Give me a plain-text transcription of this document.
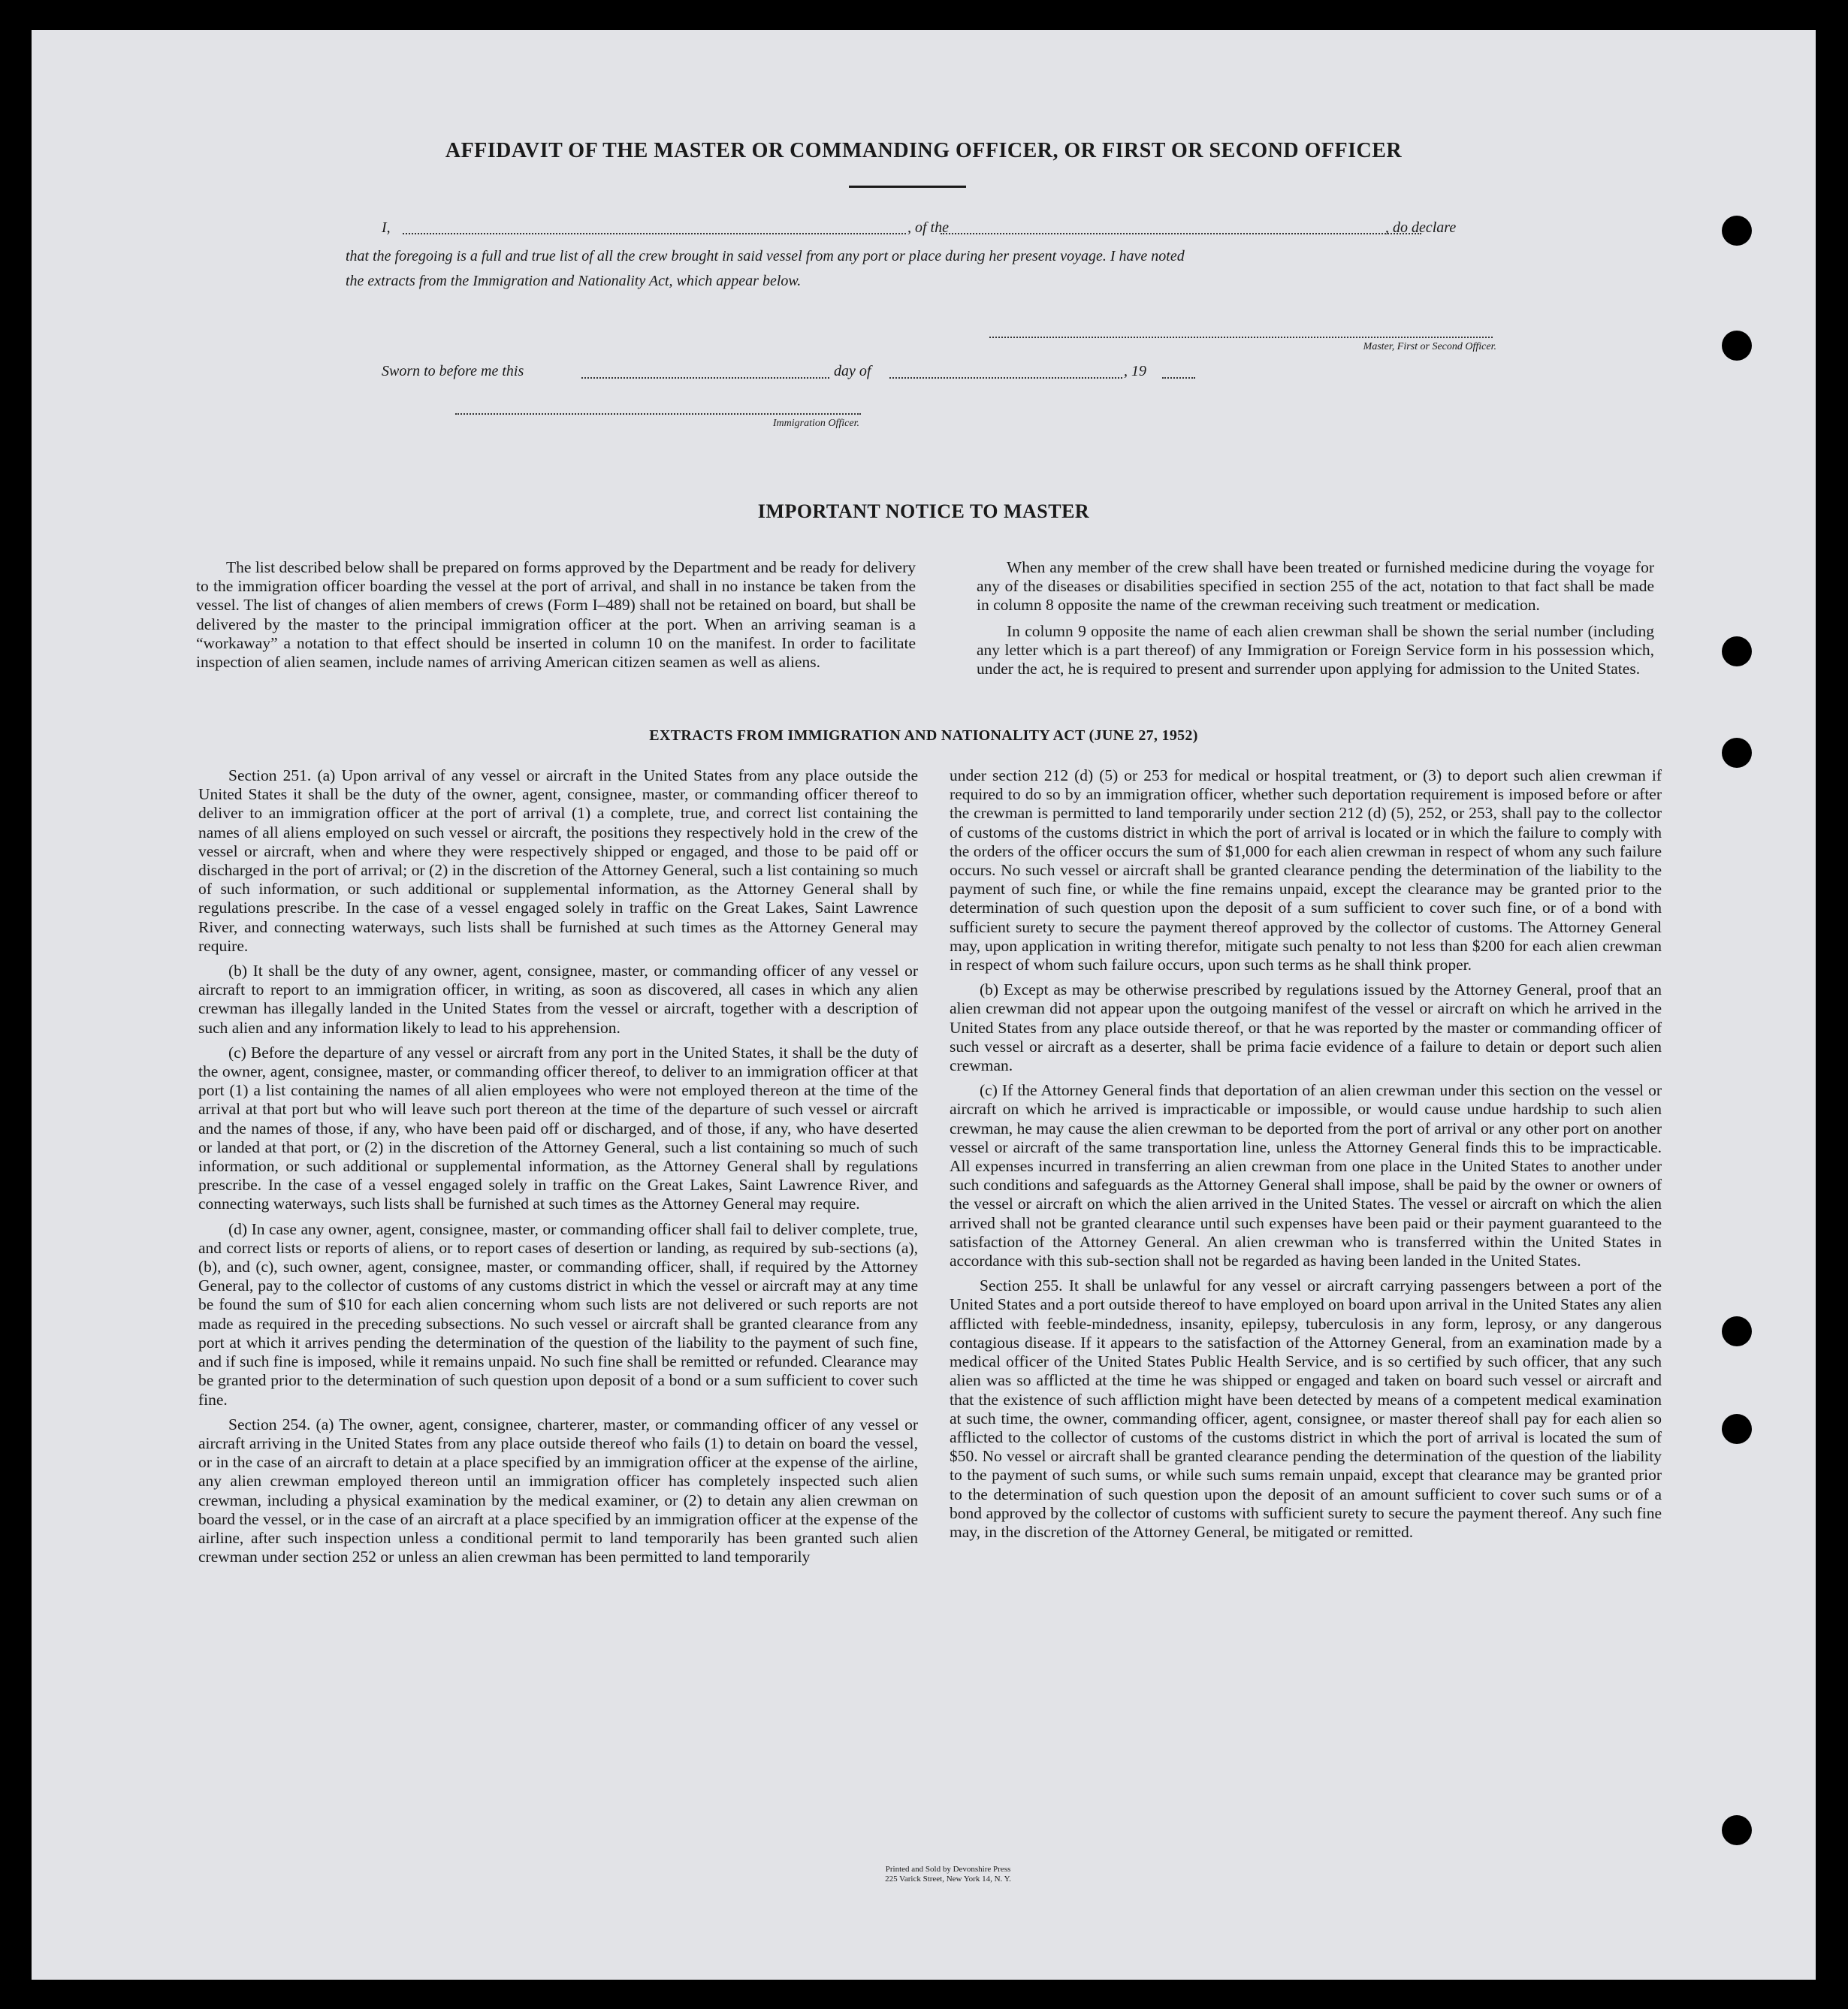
AFFIDAVIT OF THE MASTER OR COMMANDING OFFICER, OR FIRST OR SECOND OFFICER
I,	, of the	, do declare
that the foregoing is a full and true list of all the crew brought in said vessel from any port or place during her present voyage. I have noted
the extracts from the Immigration and Nationality Act, which appear below.
Master, First or Second Officer.
Sworn to before me this	day of	, 19
Immigration Officer.
IMPORTANT NOTICE TO MASTER

The list described below shall be prepared on forms approved by the Department and be ready for delivery to the immigration officer boarding the vessel at the port of arrival, and shall in no instance be taken from the vessel. The list of changes of alien members of crews (Form I–489) shall not be retained on board, but shall be delivered by the master to the principal immigration officer at the port. When an arriving seaman is a “workaway” a notation to that effect should be inserted in column 10 on the manifest. In order to facilitate inspection of alien seamen, include names of arriving American citizen seamen as well as aliens.

When any member of the crew shall have been treated or furnished medicine during the voyage for any of the diseases or disabilities specified in section 255 of the act, notation to that fact shall be made in column 8 opposite the name of the crewman receiving such treatment or medication.

In column 9 opposite the name of each alien crewman shall be shown the serial number (including any letter which is a part thereof) of any Immigration or Foreign Service form in his possession which, under the act, he is required to present and surrender upon applying for admission to the United States.

EXTRACTS FROM IMMIGRATION AND NATIONALITY ACT (JUNE 27, 1952)

Section 251. (a) Upon arrival of any vessel or aircraft in the United States from any place outside the United States it shall be the duty of the owner, agent, consignee, master, or commanding officer thereof to deliver to an immigration officer at the port of arrival (1) a complete, true, and correct list containing the names of all aliens employed on such vessel or aircraft, the positions they respectively hold in the crew of the vessel or aircraft, when and where they were respectively shipped or engaged, and those to be paid off or discharged in the port of arrival; or (2) in the discretion of the Attorney General, such a list containing so much of such information, or such additional or supplemental information, as the Attorney General shall by regulations prescribe. In the case of a vessel engaged solely in traffic on the Great Lakes, Saint Lawrence River, and connecting waterways, such lists shall be furnished at such times as the Attorney General may require.

(b) It shall be the duty of any owner, agent, consignee, master, or commanding officer of any vessel or aircraft to report to an immigration officer, in writing, as soon as discovered, all cases in which any alien crewman has illegally landed in the United States from the vessel or aircraft, together with a description of such alien and any information likely to lead to his apprehension.

(c) Before the departure of any vessel or aircraft from any port in the United States, it shall be the duty of the owner, agent, consignee, master, or commanding officer thereof, to deliver to an immigration officer at that port (1) a list containing the names of all alien employees who were not employed thereon at the time of the arrival at that port but who will leave such port thereon at the time of the departure of such vessel or aircraft and the names of those, if any, who have been paid off or discharged, and of those, if any, who have deserted or landed at that port, or (2) in the discretion of the Attorney General, such a list containing so much of such information, or such additional or supplemental information, as the Attorney General shall by regulations prescribe. In the case of a vessel engaged solely in traffic on the Great Lakes, Saint Lawrence River, and connecting waterways, such lists shall be furnished at such times as the Attorney General may require.

(d) In case any owner, agent, consignee, master, or commanding officer shall fail to deliver complete, true, and correct lists or reports of aliens, or to report cases of desertion or landing, as required by sub-sections (a), (b), and (c), such owner, agent, consignee, master, or commanding officer, shall, if required by the Attorney General, pay to the collector of customs of any customs district in which the vessel or aircraft may at any time be found the sum of $10 for each alien concerning whom such lists are not delivered or such reports are not made as required in the preceding subsections. No such vessel or aircraft shall be granted clearance from any port at which it arrives pending the determination of the question of the liability to the payment of such fine, and if such fine is imposed, while it remains unpaid. No such fine shall be remitted or refunded. Clearance may be granted prior to the determination of such question upon deposit of a bond or a sum sufficient to cover such fine.

Section 254. (a) The owner, agent, consignee, charterer, master, or commanding officer of any vessel or aircraft arriving in the United States from any place outside thereof who fails (1) to detain on board the vessel, or in the case of an aircraft to detain at a place specified by an immigration officer at the expense of the airline, any alien crewman employed thereon until an immigration officer has completely inspected such alien crewman, including a physical examination by the medical examiner, or (2) to detain any alien crewman on board the vessel, or in the case of an aircraft at a place specified by an immigration officer at the expense of the airline, after such inspection unless a conditional permit to land temporarily has been granted such alien crewman under section 252 or unless an alien crewman has been permitted to land temporarily

under section 212 (d) (5) or 253 for medical or hospital treatment, or (3) to deport such alien crewman if required to do so by an immigration officer, whether such deportation requirement is imposed before or after the crewman is permitted to land temporarily under section 212 (d) (5), 252, or 253, shall pay to the collector of customs of the customs district in which the port of arrival is located or in which the failure to comply with the orders of the officer occurs the sum of $1,000 for each alien crewman in respect of whom any such failure occurs. No such vessel or aircraft shall be granted clearance pending the determination of the liability to the payment of such fine, or while the fine remains unpaid, except the clearance may be granted prior to the determination of such question upon the deposit of a sum sufficient to cover such fine, or of a bond with sufficient surety to secure the payment thereof approved by the collector of customs. The Attorney General may, upon application in writing therefor, mitigate such penalty to not less than $200 for each alien crewman in respect of whom such failure occurs, upon such terms as he shall think proper.

(b) Except as may be otherwise prescribed by regulations issued by the Attorney General, proof that an alien crewman did not appear upon the outgoing manifest of the vessel or aircraft on which he arrived in the United States from any place outside thereof, or that he was reported by the master or commanding officer of such vessel or aircraft as a deserter, shall be prima facie evidence of a failure to detain or deport such alien crewman.

(c) If the Attorney General finds that deportation of an alien crewman under this section on the vessel or aircraft on which he arrived is impracticable or impossible, or would cause undue hardship to such alien crewman, he may cause the alien crewman to be deported from the port of arrival or any other port on another vessel or aircraft of the same transportation line, unless the Attorney General finds this to be impracticable. All expenses incurred in transferring an alien crewman from one place in the United States to another under such conditions and safeguards as the Attorney General shall impose, shall be paid by the owner or owners of the vessel or aircraft on which the alien arrived in the United States. The vessel or aircraft on which the alien arrived shall not be granted clearance until such expenses have been paid or their payment guaranteed to the satisfaction of the Attorney General. An alien crewman who is transferred within the United States in accordance with this sub-section shall not be regarded as having been landed in the United States.

Section 255. It shall be unlawful for any vessel or aircraft carrying passengers between a port of the United States and a port outside thereof to have employed on board upon arrival in the United States any alien afflicted with feeble-mindedness, insanity, epilepsy, tuberculosis in any form, leprosy, or any dangerous contagious disease. If it appears to the satisfaction of the Attorney General, from an examination made by a medical officer of the United States Public Health Service, and is so certified by such officer, that any such alien was so afflicted at the time he was shipped or engaged and taken on board such vessel or aircraft and that the existence of such affliction might have been detected by means of a competent medical examination at such time, the owner, commanding officer, agent, consignee, or master thereof shall pay for each alien so afflicted to the collector of customs of the customs district in which the port of arrival is located the sum of $50. No vessel or aircraft shall be granted clearance pending the determination of the question of the liability to the payment of such sums, or while such sums remain unpaid, except that clearance may be granted prior to the determination of such question upon the deposit of an amount sufficient to cover such sums or of a bond approved by the collector of customs with sufficient surety to secure the payment thereof. Any such fine may, in the discretion of the Attorney General, be mitigated or remitted.

Printed and Sold by Devonshire Press
225 Varick Street, New York 14, N. Y.
